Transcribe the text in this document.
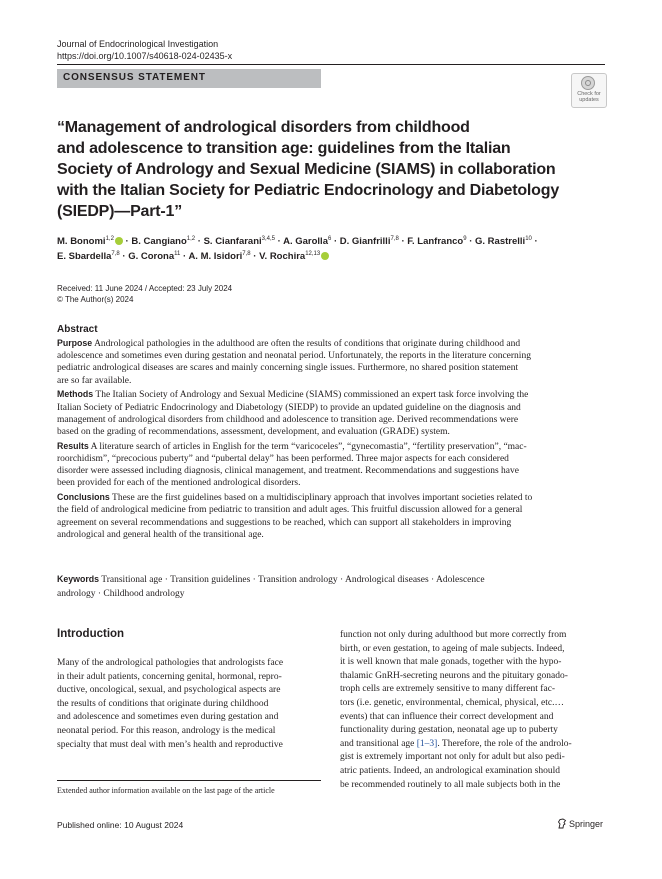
Journal of Endocrinological Investigation
https://doi.org/10.1007/s40618-024-02435-x
CONSENSUS STATEMENT
Check for
updates
“Management of andrological disorders from childhood
and adolescence to transition age: guidelines from the Italian
Society of Andrology and Sexual Medicine (SIAMS) in collaboration
with the Italian Society for Pediatric Endocrinology and Diabetology
(SIEDP)—Part-1”
M. Bonomi$^{1,2}$ · B. Cangiano$^{1,2}$ · S. Cianfarani$^{3,4,5}$ · A. Garolla$^6$ · D. Gianfrilli$^{7,8}$ · F. Lanfranco$^9$ · G. Rastrelli$^{10}$ ·
E. Sbardella$^{7,8}$ · G. Corona$^{11}$ · A. M. Isidori$^{7,8}$ · V. Rochira$^{12,13}$
Received: 11 June 2024 / Accepted: 23 July 2024
© The Author(s) 2024
Abstract
Purpose Andrological pathologies in the adulthood are often the results of conditions that originate during childhood and
adolescence and sometimes even during gestation and neonatal period. Unfortunately, the reports in the literature concerning
pediatric andrological diseases are scares and mainly concerning single issues. Furthermore, no shared position statement
are so far available.
Methods The Italian Society of Andrology and Sexual Medicine (SIAMS) commissioned an expert task force involving the
Italian Society of Pediatric Endocrinology and Diabetology (SIEDP) to provide an updated guideline on the diagnosis and
management of andrological disorders from childhood and adolescence to transition age. Derived recommendations were
based on the grading of recommendations, assessment, development, and evaluation (GRADE) system.
Results A literature search of articles in English for the term “varicoceles”, “gynecomastia”, “fertility preservation”, “mac-
roorchidism”, “precocious puberty” and “pubertal delay” has been performed. Three major aspects for each considered
disorder were assessed including diagnosis, clinical management, and treatment. Recommendations and suggestions have
been provided for each of the mentioned andrological disorders.
Conclusions These are the first guidelines based on a multidisciplinary approach that involves important societies related to
the field of andrological medicine from pediatric to transition and adult ages. This fruitful discussion allowed for a general
agreement on several recommendations and suggestions to be reached, which can support all stakeholders in improving
andrological and general health of the transitional age.
Keywords Transitional age · Transition guidelines · Transition andrology · Andrological diseases · Adolescence
andrology · Childhood andrology
Introduction
Many of the andrological pathologies that andrologists face
in their adult patients, concerning genital, hormonal, repro-
ductive, oncological, sexual, and psychological aspects are
the results of conditions that originate during childhood
and adolescence and sometimes even during gestation and
neonatal period. For this reason, andrology is the medical
specialty that must deal with men’s health and reproductive
function not only during adulthood but more correctly from
birth, or even gestation, to ageing of male subjects. Indeed,
it is well known that male gonads, together with the hypo-
thalamic GnRH-secreting neurons and the pituitary gonado-
troph cells are extremely sensitive to many different fac-
tors (i.e. genetic, environmental, chemical, physical, etc.…
events) that can influence their correct development and
functionality during gestation, neonatal age up to puberty
and transitional age [1–3]. Therefore, the role of the androlo-
gist is extremely important not only for adult but also pedi-
atric patients. Indeed, an andrological examination should
be recommended routinely to all male subjects both in the
Extended author information available on the last page of the article
Published online: 10 August 2024	Springer
